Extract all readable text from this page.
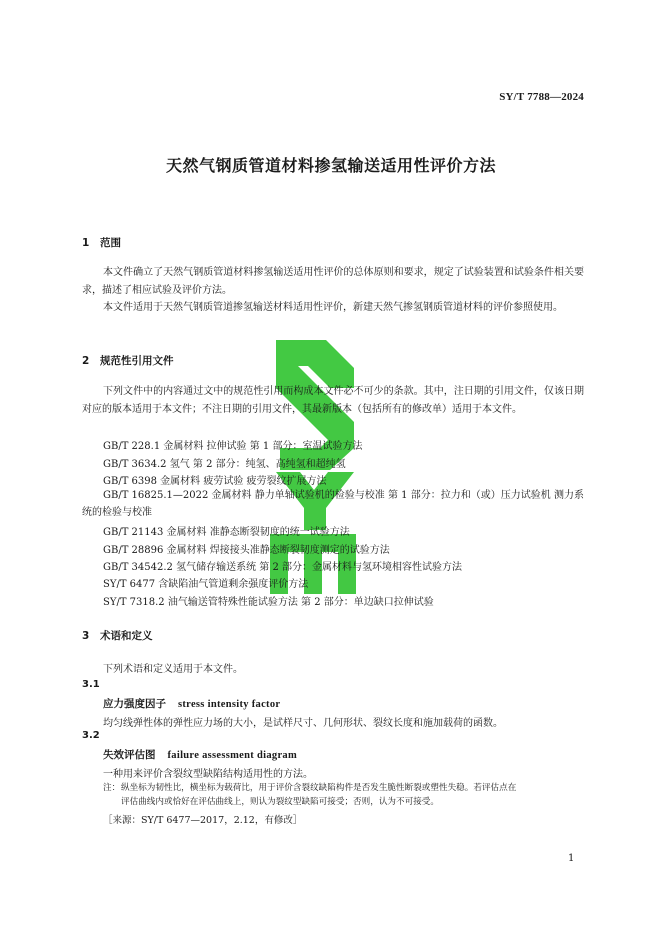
SY/T 7788—2024
天然气钢质管道材料掺氢输送适用性评价方法
1 范围
本文件确立了天然气钢质管道材料掺氢输送适用性评价的总体原则和要求，规定了试验装置和试验条件相关要求，描述了相应试验及评价方法。
本文件适用于天然气钢质管道掺氢输送材料适用性评价，新建天然气掺氢钢质管道材料的评价参照使用。
2 规范性引用文件
下列文件中的内容通过文中的规范性引用而构成本文件必不可少的条款。其中，注日期的引用文件，仅该日期对应的版本适用于本文件；不注日期的引用文件，其最新版本（包括所有的修改单）适用于本文件。
GB/T 228.1 金属材料 拉伸试验 第 1 部分：室温试验方法
GB/T 3634.2 氢气 第 2 部分：纯氢、高纯氢和超纯氢
GB/T 6398 金属材料 疲劳试验 疲劳裂纹扩展方法
GB/T 16825.1—2022 金属材料 静力单轴试验机的检验与校准 第 1 部分：拉力和（或）压力试验机 测力系统的检验与校准
GB/T 21143 金属材料 准静态断裂韧度的统一试验方法
GB/T 28896 金属材料 焊接接头准静态断裂韧度测定的试验方法
GB/T 34542.2 氢气储存输送系统 第 2 部分：金属材料与氢环境相容性试验方法
SY/T 6477 含缺陷油气管道剩余强度评价方法
SY/T 7318.2 油气输送管特殊性能试验方法 第 2 部分：单边缺口拉伸试验
3 术语和定义
下列术语和定义适用于本文件。
3.1
应力强度因子 stress intensity factor
均匀线弹性体的弹性应力场的大小，是试样尺寸、几何形状、裂纹长度和施加载荷的函数。
3.2
失效评估图 failure assessment diagram
一种用来评价含裂纹型缺陷结构适用性的方法。
注：纵坐标为韧性比，横坐标为载荷比，用于评价含裂纹缺陷构件是否发生脆性断裂或塑性失稳。若评估点在
评估曲线内或恰好在评估曲线上，则认为裂纹型缺陷可接受；否则，认为不可接受。
［来源：SY/T 6477—2017，2.12，有修改］
1
